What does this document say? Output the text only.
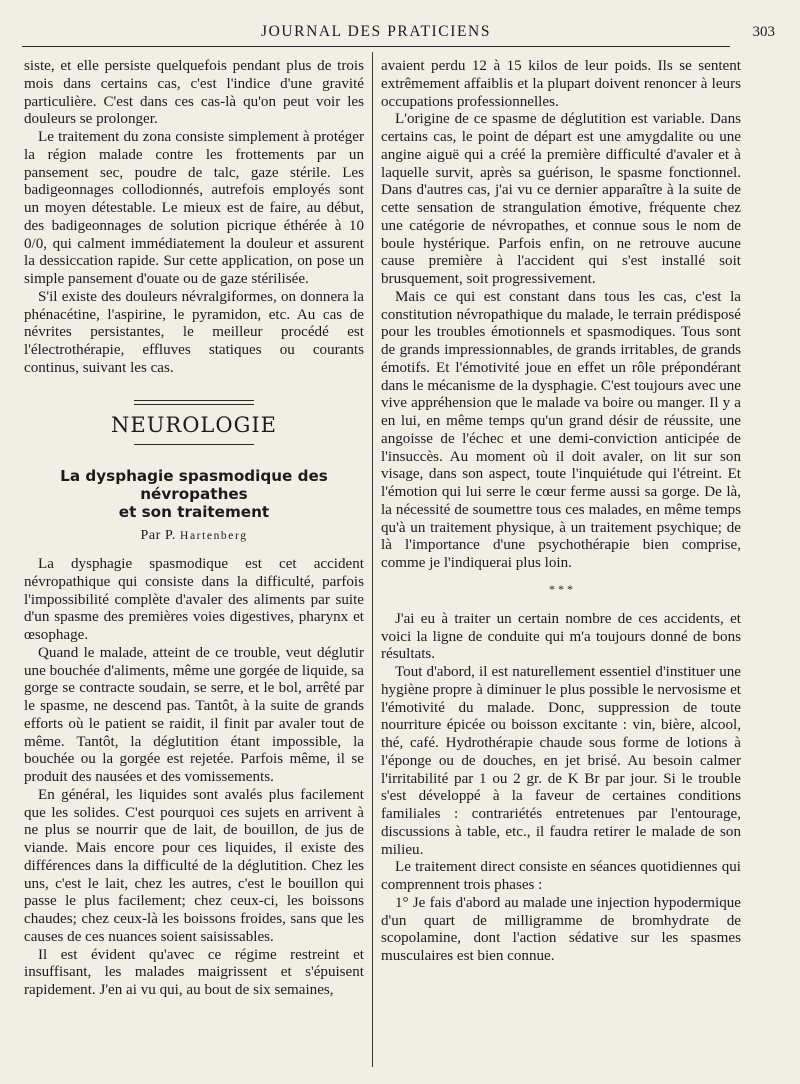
JOURNAL DES PRATICIENS	303

siste, et elle persiste quelquefois pendant plus de trois mois dans certains cas, c'est l'indice d'une gravité particulière. C'est dans ces cas-là qu'on peut voir les douleurs se prolonger.

Le traitement du zona consiste simplement à protéger la région malade contre les frottements par un pansement sec, poudre de talc, gaze stérile. Les badigeonnages collodionnés, autrefois employés sont un moyen détestable. Le mieux est de faire, au début, des badigeonnages de solution picrique éthérée à 10 0/0, qui calment immédiatement la douleur et assurent la dessiccation rapide. Sur cette application, on pose un simple pansement d'ouate ou de gaze stérilisée.

S'il existe des douleurs névralgiformes, on donnera la phénacétine, l'aspirine, le pyramidon, etc. Au cas de névrites persistantes, le meilleur procédé est l'électrothérapie, effluves statiques ou courants continus, suivant les cas.

NEUROLOGIE
La dysphagie spasmodique des névropathes
et son traitement
Par P. Hartenberg

La dysphagie spasmodique est cet accident névropathique qui consiste dans la difficulté, parfois l'impossibilité complète d'avaler des aliments par suite d'un spasme des premières voies digestives, pharynx et œsophage.

Quand le malade, atteint de ce trouble, veut déglutir une bouchée d'aliments, même une gorgée de liquide, sa gorge se contracte soudain, se serre, et le bol, arrêté par le spasme, ne descend pas. Tantôt, à la suite de grands efforts où le patient se raidit, il finit par avaler tout de même. Tantôt, la déglutition étant impossible, la bouchée ou la gorgée est rejetée. Parfois même, il se produit des nausées et des vomissements.

En général, les liquides sont avalés plus facilement que les solides. C'est pourquoi ces sujets en arrivent à ne plus se nourrir que de lait, de bouillon, de jus de viande. Mais encore pour ces liquides, il existe des différences dans la difficulté de la déglutition. Chez les uns, c'est le lait, chez les autres, c'est le bouillon qui passe le plus facilement; chez ceux-ci, les boissons chaudes; chez ceux-là les boissons froides, sans que les causes de ces nuances soient saisissables.

Il est évident qu'avec ce régime restreint et insuffisant, les malades maigrissent et s'épuisent rapidement. J'en ai vu qui, au bout de six semaines,

avaient perdu 12 à 15 kilos de leur poids. Ils se sentent extrêmement affaiblis et la plupart doivent renoncer à leurs occupations professionnelles.

L'origine de ce spasme de déglutition est variable. Dans certains cas, le point de départ est une amygdalite ou une angine aiguë qui a créé la première difficulté d'avaler et à laquelle survit, après sa guérison, le spasme fonctionnel. Dans d'autres cas, j'ai vu ce dernier apparaître à la suite de cette sensation de strangulation émotive, fréquente chez une catégorie de névropathes, et connue sous le nom de boule hystérique. Parfois enfin, on ne retrouve aucune cause première à l'accident qui s'est installé soit brusquement, soit progressivement.

Mais ce qui est constant dans tous les cas, c'est la constitution névropathique du malade, le terrain prédisposé pour les troubles émotionnels et spasmodiques. Tous sont de grands impressionnables, de grands irritables, de grands émotifs. Et l'émotivité joue en effet un rôle prépondérant dans le mécanisme de la dysphagie. C'est toujours avec une vive appréhension que le malade va boire ou manger. Il y a en lui, en même temps qu'un grand désir de réussite, une angoisse de l'échec et une demi-conviction anticipée de l'insuccès. Au moment où il doit avaler, on lit sur son visage, dans son aspect, toute l'inquiétude qui l'étreint. Et l'émotion qui lui serre le cœur ferme aussi sa gorge. De là, la nécessité de soumettre tous ces malades, en même temps qu'à un traitement physique, à un traitement psychique; de là l'importance d'une psychothérapie bien comprise, comme je l'indiquerai plus loin.

* * *

J'ai eu à traiter un certain nombre de ces accidents, et voici la ligne de conduite qui m'a toujours donné de bons résultats.

Tout d'abord, il est naturellement essentiel d'instituer une hygiène propre à diminuer le plus possible le nervosisme et l'émotivité du malade. Donc, suppression de toute nourriture épicée ou boisson excitante : vin, bière, alcool, thé, café. Hydrothérapie chaude sous forme de lotions à l'éponge ou de douches, en jet brisé. Au besoin calmer l'irritabilité par 1 ou 2 gr. de K Br par jour. Si le trouble s'est développé à la faveur de certaines conditions familiales : contrariétés entretenues par l'entourage, discussions à table, etc., il faudra retirer le malade de son milieu.

Le traitement direct consiste en séances quotidiennes qui comprennent trois phases :

1° Je fais d'abord au malade une injection hypodermique d'un quart de milligramme de bromhydrate de scopolamine, dont l'action sédative sur les spasmes musculaires est bien connue.
